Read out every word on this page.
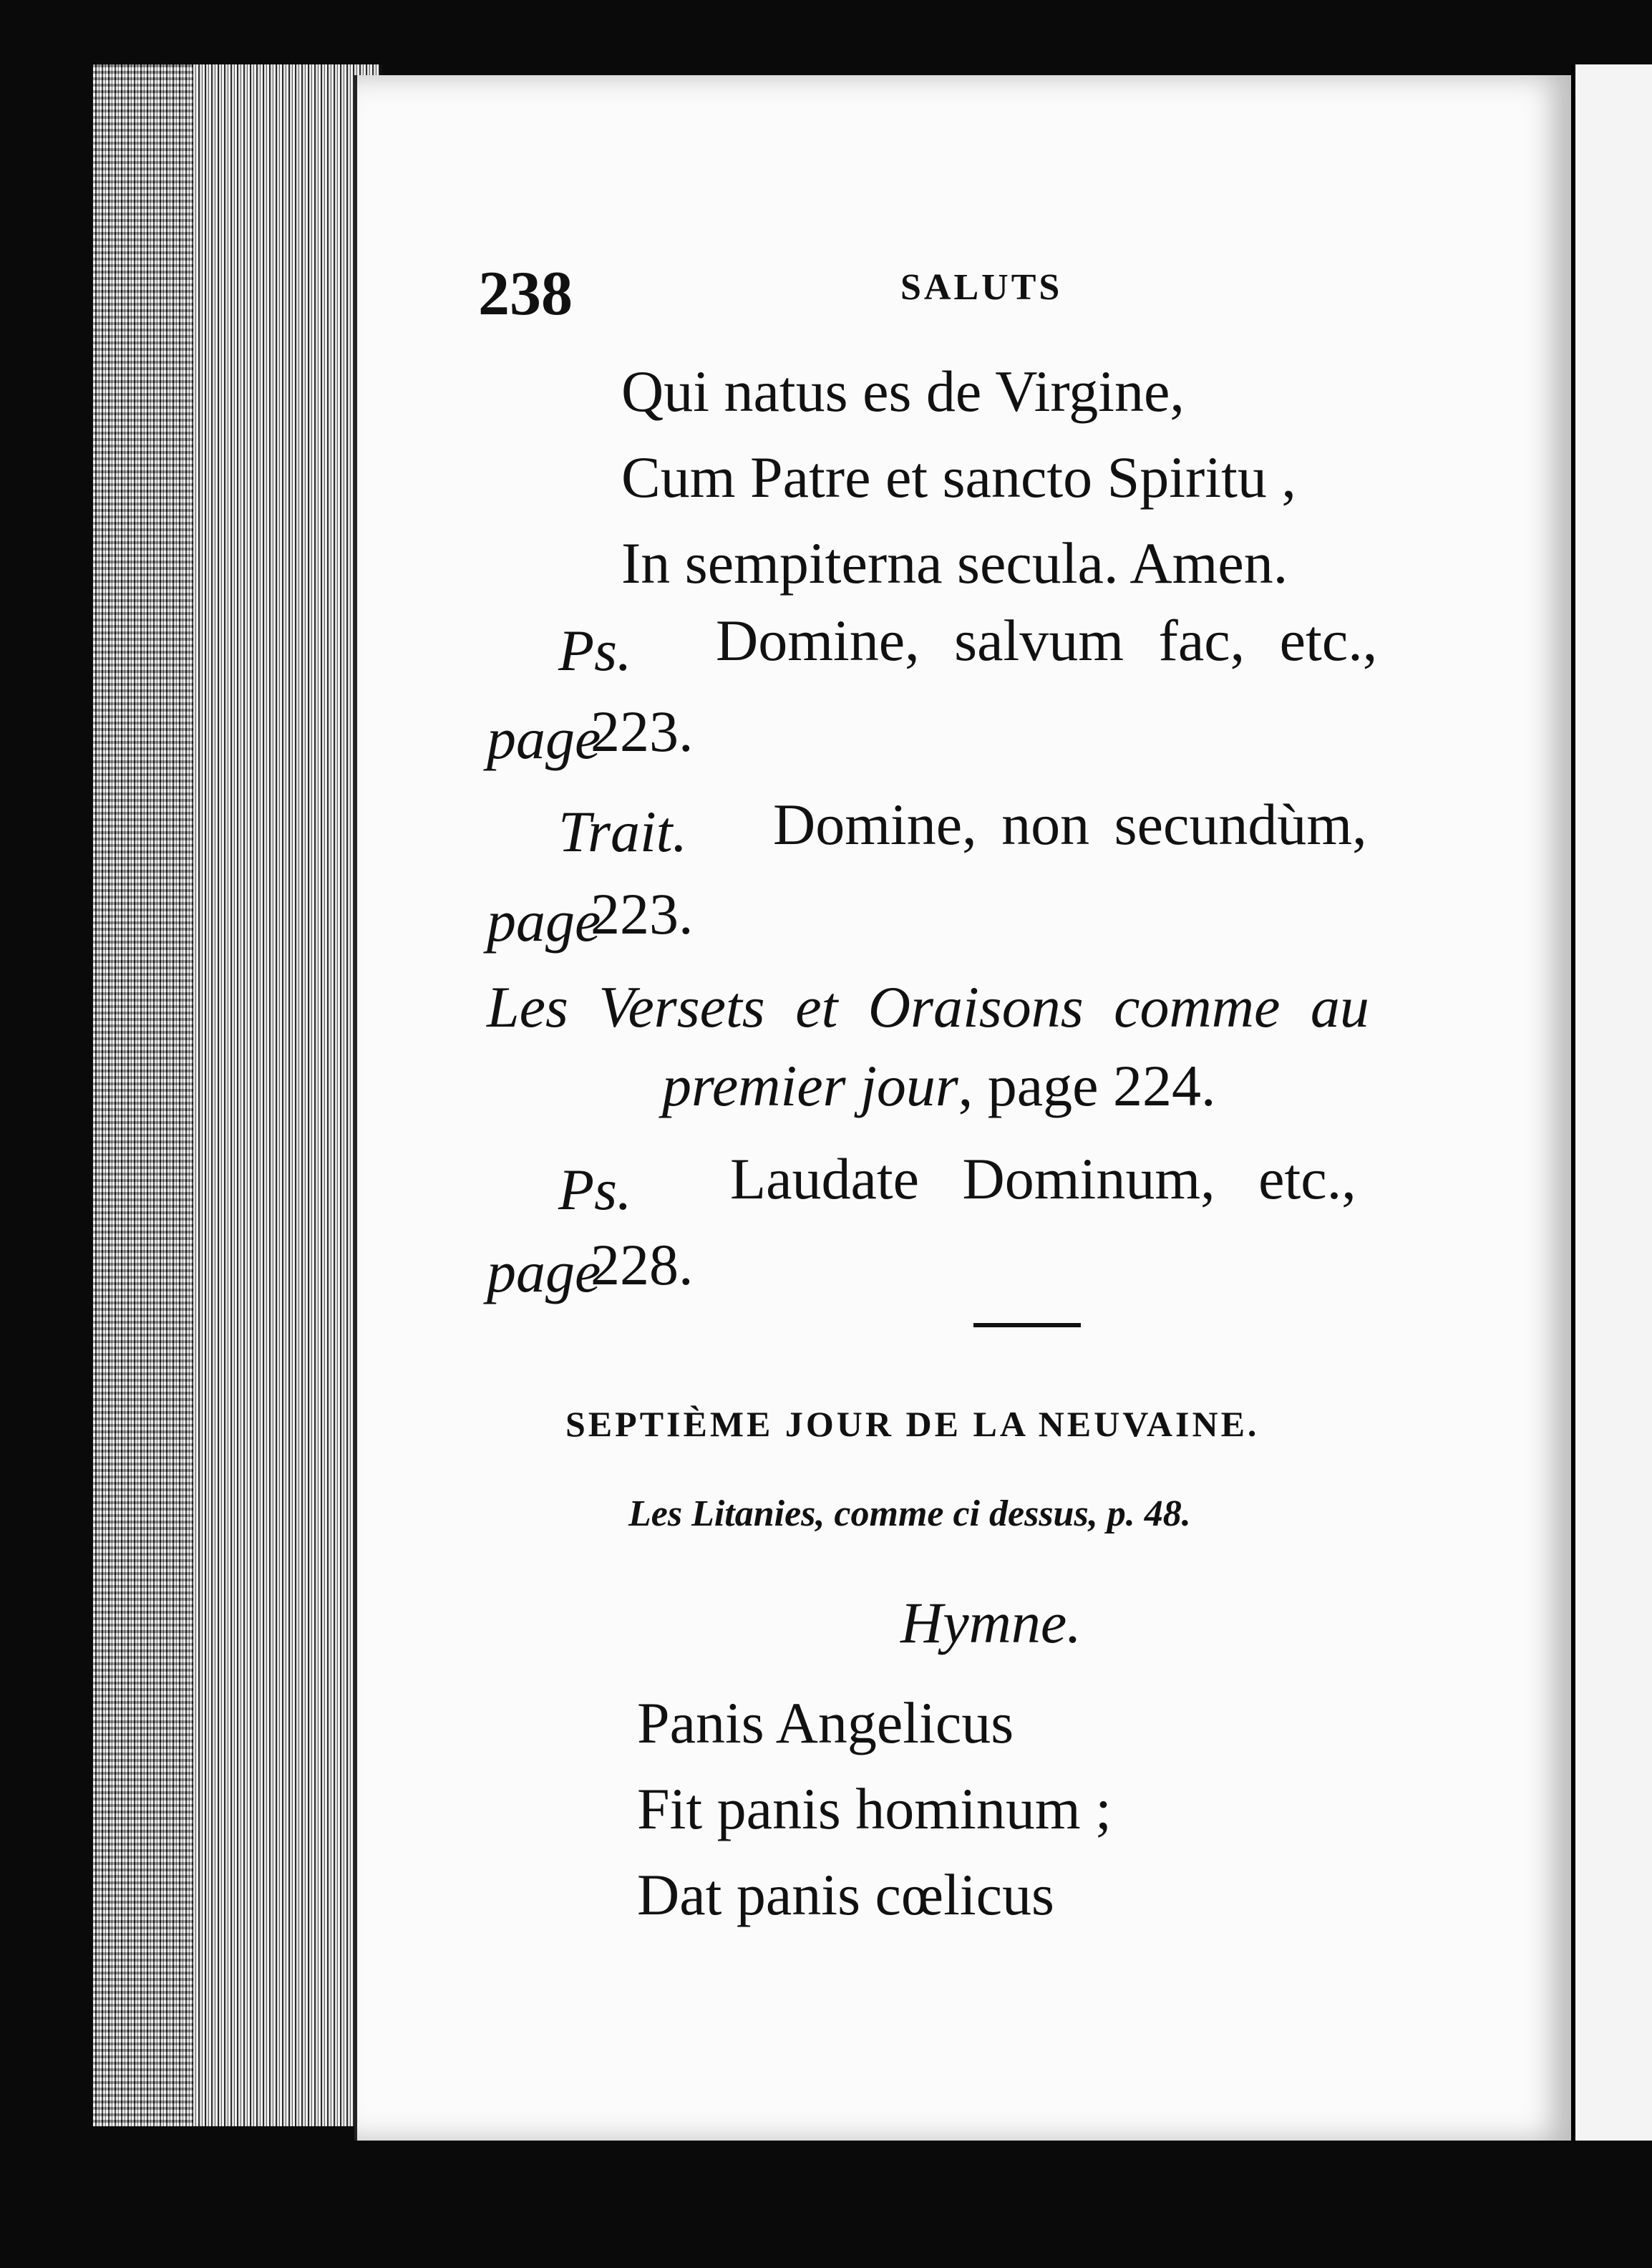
238	SALUTS
Qui natus es de Virgine,
Cum Patre et sancto Spiritu ,
In sempiterna secula. Amen.
Ps. Domine, salvum fac, etc.,
page
223.
Trait. Domine, non secundùm,
page
223.
Les Versets et Oraisons comme au
premier jour, page 224.
Ps. Laudate Dominum, etc.,
page
228.
SEPTIÈME JOUR DE LA NEUVAINE.
Les Litanies, comme ci dessus, p. 48.
Hymne.
Panis Angelicus
Fit panis hominum ;
Dat panis cœlicus
